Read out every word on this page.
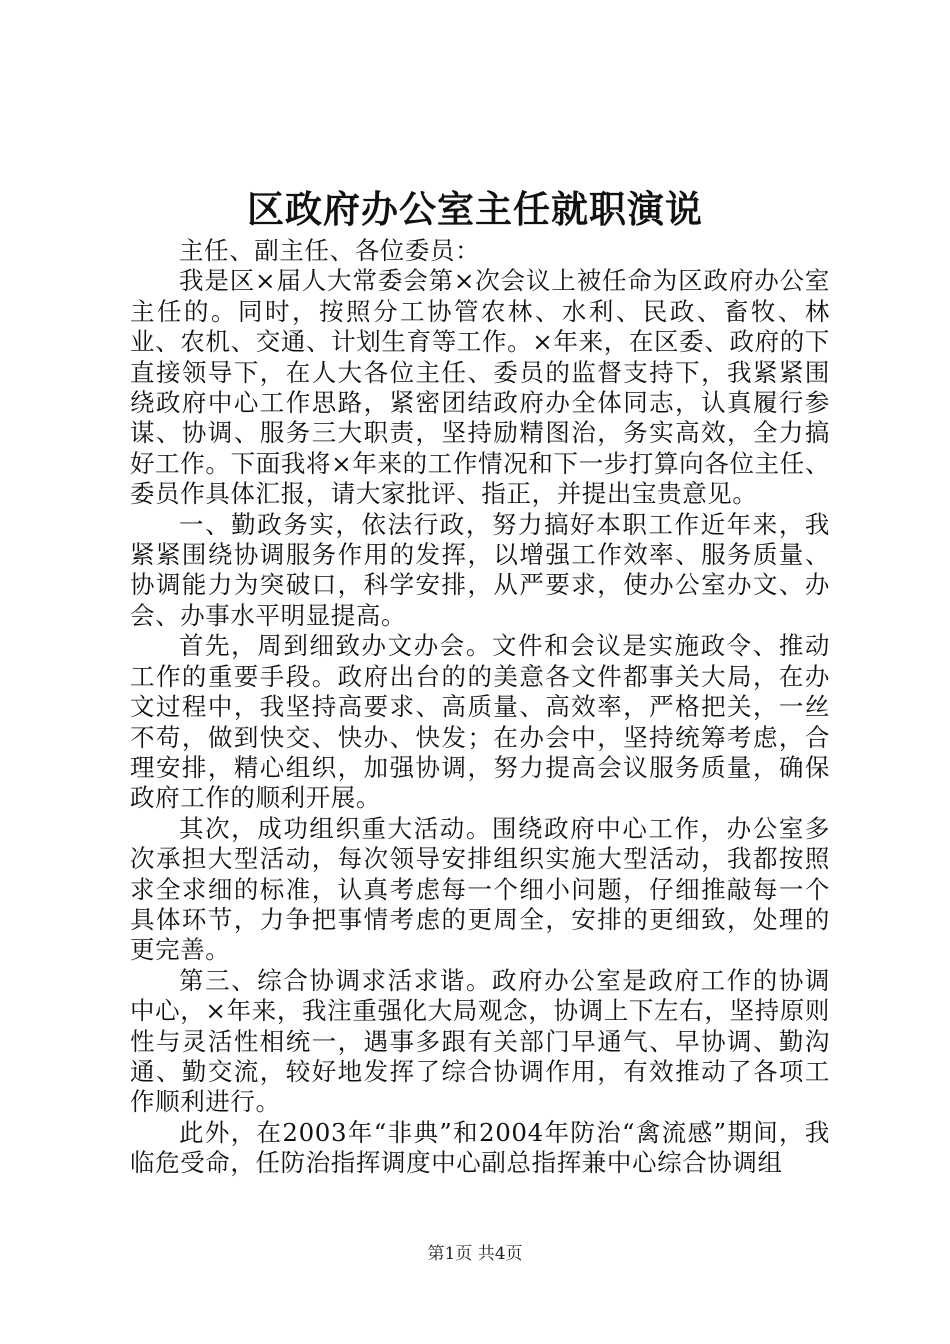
区政府办公室主任就职演说

主任、副主任、各位委员：

我是区×届人大常委会第×次会议上被任命为区政府办公室主任的。同时，按照分工协管农林、水利、民政、畜牧、林业、农机、交通、计划生育等工作。×年来，在区委、政府的下直接领导下，在人大各位主任、委员的监督支持下，我紧紧围绕政府中心工作思路，紧密团结政府办全体同志，认真履行参谋、协调、服务三大职责，坚持励精图治，务实高效，全力搞好工作。下面我将×年来的工作情况和下一步打算向各位主任、委员作具体汇报，请大家批评、指正，并提出宝贵意见。

一、勤政务实，依法行政，努力搞好本职工作近年来，我紧紧围绕协调服务作用的发挥，以增强工作效率、服务质量、协调能力为突破口，科学安排，从严要求，使办公室办文、办会、办事水平明显提高。

首先，周到细致办文办会。文件和会议是实施政令、推动工作的重要手段。政府出台的的美意各文件都事关大局，在办文过程中，我坚持高要求、高质量、高效率，严格把关，一丝不苟，做到快交、快办、快发；在办会中，坚持统筹考虑，合理安排，精心组织，加强协调，努力提高会议服务质量，确保政府工作的顺利开展。

其次，成功组织重大活动。围绕政府中心工作，办公室多次承担大型活动，每次领导安排组织实施大型活动，我都按照求全求细的标准，认真考虑每一个细小问题，仔细推敲每一个具体环节，力争把事情考虑的更周全，安排的更细致，处理的更完善。

第三、综合协调求活求谐。政府办公室是政府工作的协调中心，×年来，我注重强化大局观念，协调上下左右，坚持原则性与灵活性相统一，遇事多跟有关部门早通气、早协调、勤沟通、勤交流，较好地发挥了综合协调作用，有效推动了各项工作顺利进行。

此外，在2003年“非典”和2004年防治“禽流感”期间，我临危受命，任防治指挥调度中心副总指挥兼中心综合协调组

第1页 共4页
